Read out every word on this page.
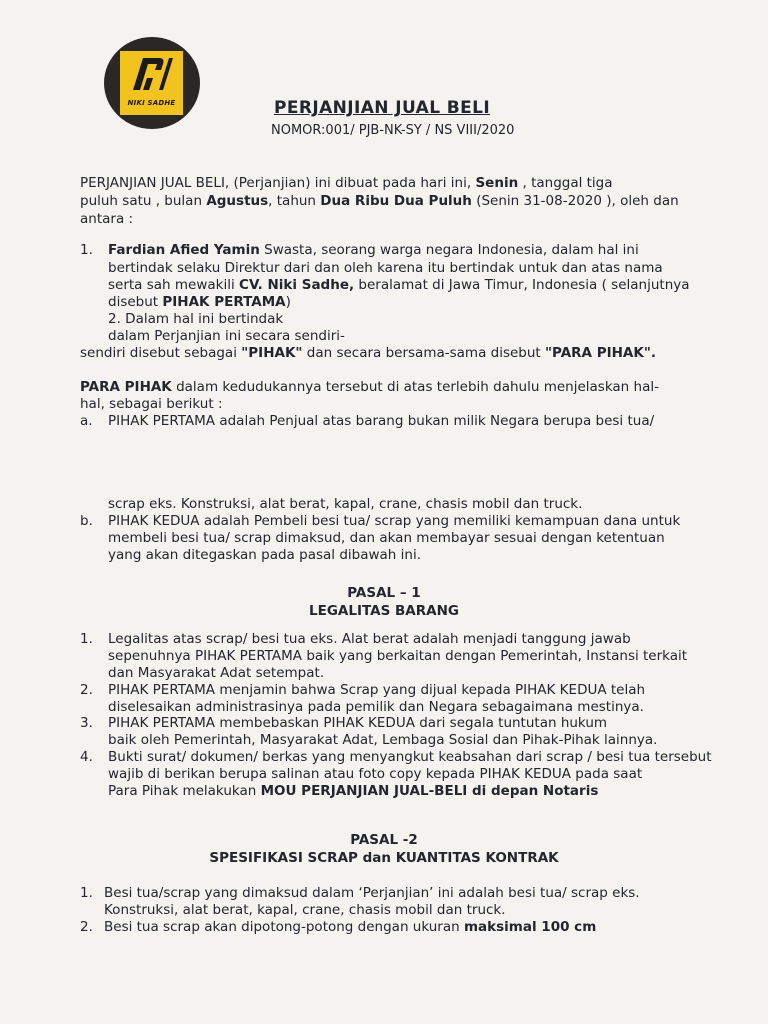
NIKI SADHE	PERJANJIAN JUAL BELI
NOMOR:001/ PJB-NK-SY / NS VIII/2020
PERJANJIAN JUAL BELI, (Perjanjian) ini dibuat pada hari ini, Senin , tanggal tiga
puluh satu , bulan Agustus, tahun Dua Ribu Dua Puluh (Senin 31-08-2020 ), oleh dan
antara :
1. Fardian Afied Yamin Swasta, seorang warga negara Indonesia, dalam hal ini
bertindak selaku Direktur dari dan oleh karena itu bertindak untuk dan atas nama
serta sah mewakili CV. Niki Sadhe, beralamat di Jawa Timur, Indonesia ( selanjutnya
disebut PIHAK PERTAMA)
2. Dalam hal ini bertindak
dalam Perjanjian ini secara sendiri-
sendiri disebut sebagai "PIHAK" dan secara bersama-sama disebut "PARA PIHAK".
PARA PIHAK dalam kedudukannya tersebut di atas terlebih dahulu menjelaskan hal-
hal, sebagai berikut :
a. PIHAK PERTAMA adalah Penjual atas barang bukan milik Negara berupa besi tua/
scrap eks. Konstruksi, alat berat, kapal, crane, chasis mobil dan truck.
b. PIHAK KEDUA adalah Pembeli besi tua/ scrap yang memiliki kemampuan dana untuk
membeli besi tua/ scrap dimaksud, dan akan membayar sesuai dengan ketentuan
yang akan ditegaskan pada pasal dibawah ini.
PASAL – 1
LEGALITAS BARANG
1. Legalitas atas scrap/ besi tua eks. Alat berat adalah menjadi tanggung jawab
sepenuhnya PIHAK PERTAMA baik yang berkaitan dengan Pemerintah, Instansi terkait
dan Masyarakat Adat setempat.
2. PIHAK PERTAMA menjamin bahwa Scrap yang dijual kepada PIHAK KEDUA telah
diselesaikan administrasinya pada pemilik dan Negara sebagaimana mestinya.
3. PIHAK PERTAMA membebaskan PIHAK KEDUA dari segala tuntutan hukum
baik oleh Pemerintah, Masyarakat Adat, Lembaga Sosial dan Pihak-Pihak lainnya.
4. Bukti surat/ dokumen/ berkas yang menyangkut keabsahan dari scrap / besi tua tersebut
wajib di berikan berupa salinan atau foto copy kepada PIHAK KEDUA pada saat
Para Pihak melakukan MOU PERJANJIAN JUAL-BELI di depan Notaris
PASAL -2
SPESIFIKASI SCRAP dan KUANTITAS KONTRAK
1. Besi tua/scrap yang dimaksud dalam ‘Perjanjian’ ini adalah besi tua/ scrap eks.
Konstruksi, alat berat, kapal, crane, chasis mobil dan truck.
2. Besi tua scrap akan dipotong-potong dengan ukuran maksimal 100 cm
